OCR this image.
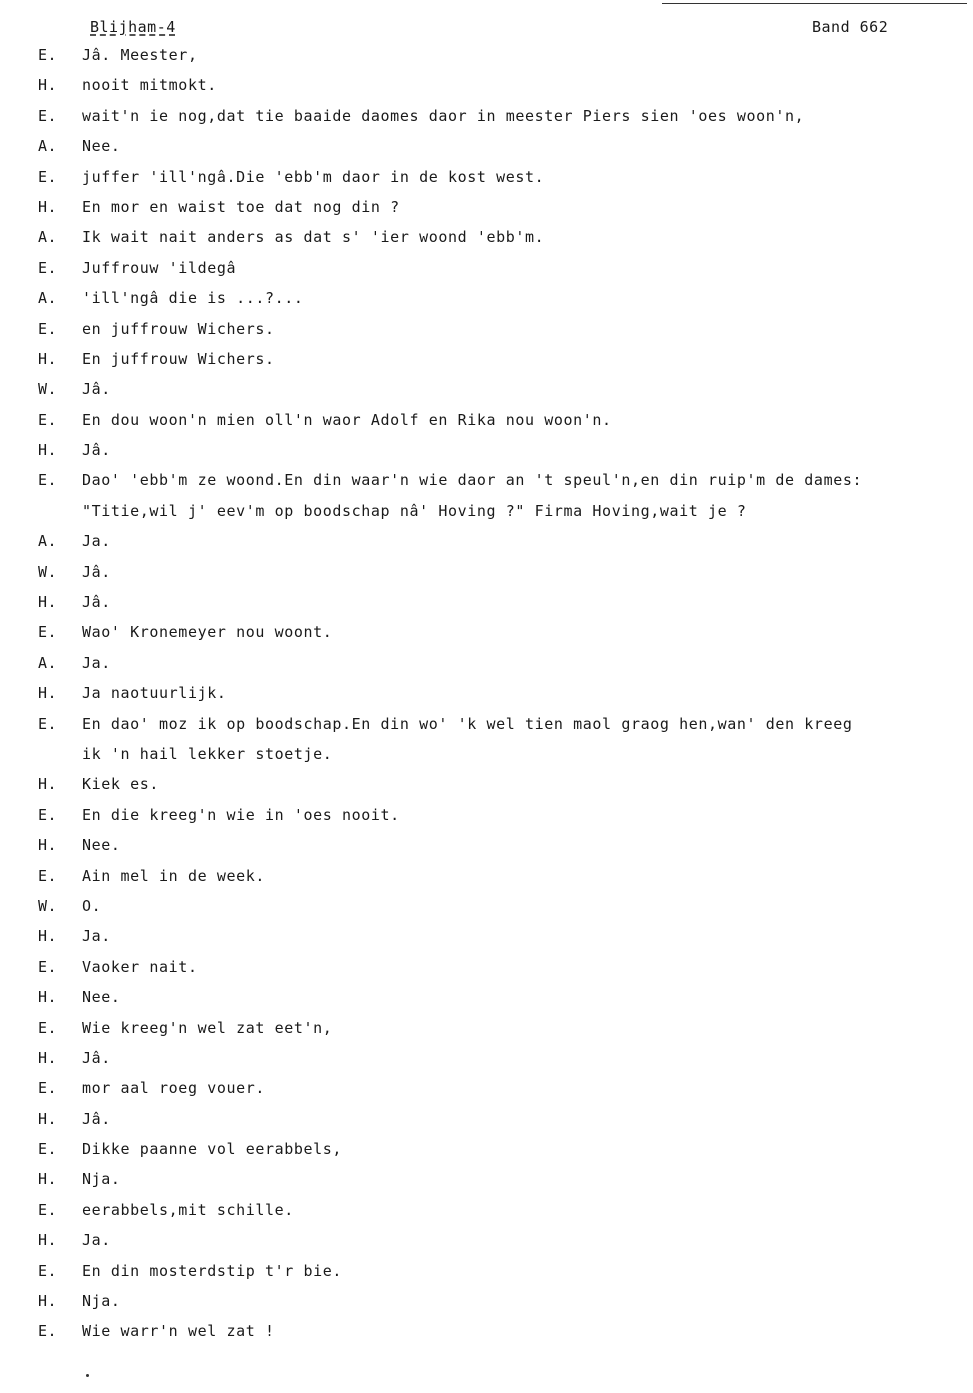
Blijham-4	Band 662
E.	Jâ. Meester,
H.	nooit mitmokt.
E.	wait'n ie nog,dat tie baaide daomes daor in meester Piers sien 'oes woon'n,
A.	Nee.
E.	juffer 'ill'ngâ.Die 'ebb'm daor in de kost west.
H.	En mor en waist toe dat nog din ?
A.	Ik wait nait anders as dat s' 'ier woond 'ebb'm.
E.	Juffrouw 'ildegâ
A.	'ill'ngâ die is ...?...
E.	en juffrouw Wichers.
H.	En juffrouw Wichers.
W.	Jâ.
E.	En dou woon'n mien oll'n waor Adolf en Rika nou woon'n.
H.	Jâ.
E.	Dao' 'ebb'm ze woond.En din waar'n wie daor an 't speul'n,en din ruip'm de dames:
"Titie,wil j' eev'm op boodschap nâ' Hoving ?" Firma Hoving,wait je ?
A.	Ja.
W.	Jâ.
H.	Jâ.
E.	Wao' Kronemeyer nou woont.
A.	Ja.
H.	Ja naotuurlijk.
E.	En dao' moz ik op boodschap.En din wo' 'k wel tien maol graog hen,wan' den kreeg
ik 'n hail lekker stoetje.
H.	Kiek es.
E.	En die kreeg'n wie in 'oes nooit.
H.	Nee.
E.	Ain mel in de week.
W.	O.
H.	Ja.
E.	Vaoker nait.
H.	Nee.
E.	Wie kreeg'n wel zat eet'n,
H.	Jâ.
E.	mor aal roeg vouer.
H.	Jâ.
E.	Dikke paanne vol eerabbels,
H.	Nja.
E.	eerabbels,mit schille.
H.	Ja.
E.	En din mosterdstip t'r bie.
H.	Nja.
E.	Wie warr'n wel zat !
